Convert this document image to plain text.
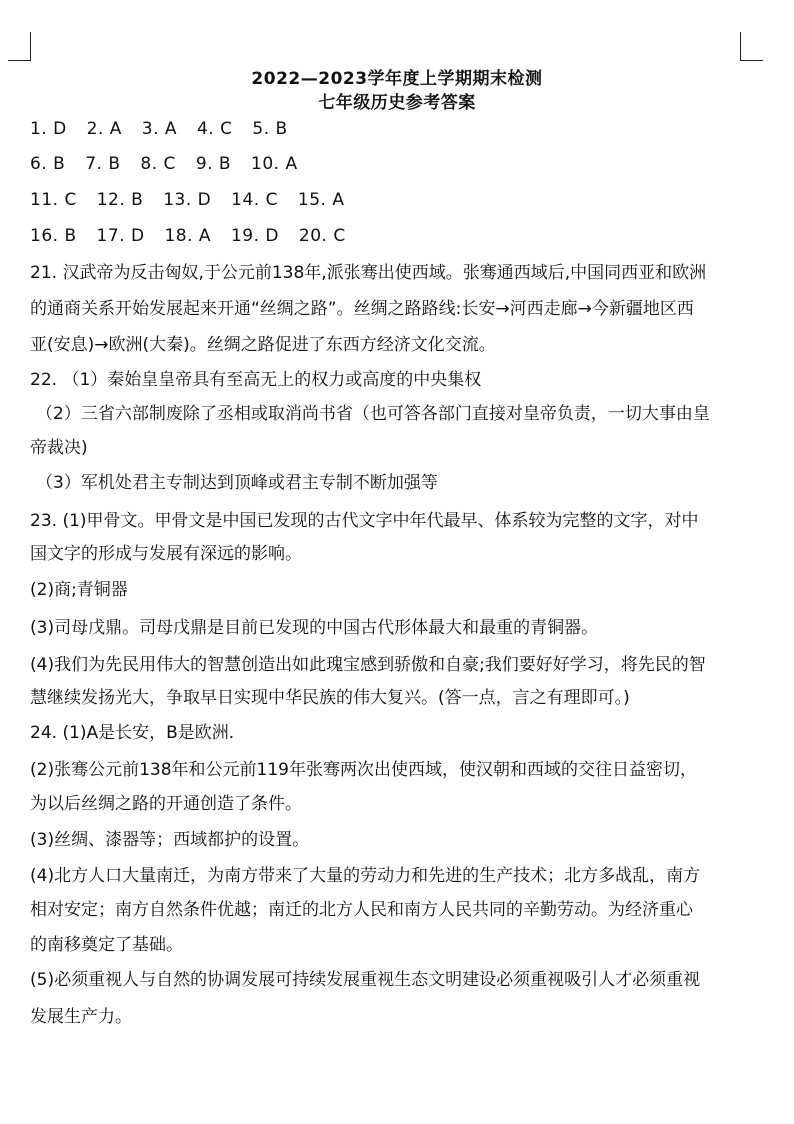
2022—2023学年度上学期期末检测
七年级历史参考答案
1. D 2. A 3. A 4. C 5. B
6. B 7. B 8. C 9. B 10. A
11. C 12. B 13. D 14. C 15. A
16. B 17. D 18. A 19. D 20. C
21. 汉武帝为反击匈奴,于公元前138年,派张骞出使西域。张骞通西域后,中国同西亚和欧洲
的通商关系开始发展起来开通“丝绸之路”。丝绸之路路线:长安→河西走廊→今新疆地区西
亚(安息)→欧洲(大秦)。丝绸之路促进了东西方经济文化交流。
22. （1）秦始皇皇帝具有至高无上的权力或高度的中央集权
（2）三省六部制废除了丞相或取消尚书省（也可答各部门直接对皇帝负责，一切大事由皇
帝裁决)
（3）军机处君主专制达到顶峰或君主专制不断加强等
23. (1)甲骨文。甲骨文是中国已发现的古代文字中年代最早、体系较为完整的文字，对中
国文字的形成与发展有深远的影响。
(2)商;青铜器
(3)司母戊鼎。司母戊鼎是目前已发现的中国古代形体最大和最重的青铜器。
(4)我们为先民用伟大的智慧创造出如此瑰宝感到骄傲和自豪;我们要好好学习，将先民的智
慧继续发扬光大，争取早日实现中华民族的伟大复兴。(答一点，言之有理即可。)
24. (1)A是长安，B是欧洲.
(2)张骞公元前138年和公元前119年张骞两次出使西域，使汉朝和西域的交往日益密切，
为以后丝绸之路的开通创造了条件。
(3)丝绸、漆器等；西域都护的设置。
(4)北方人口大量南迁，为南方带来了大量的劳动力和先进的生产技术；北方多战乱，南方
相对安定；南方自然条件优越；南迁的北方人民和南方人民共同的辛勤劳动。为经济重心
的南移奠定了基础。
(5)必须重视人与自然的协调发展可持续发展重视生态文明建设必须重视吸引人才必须重视
发展生产力。
